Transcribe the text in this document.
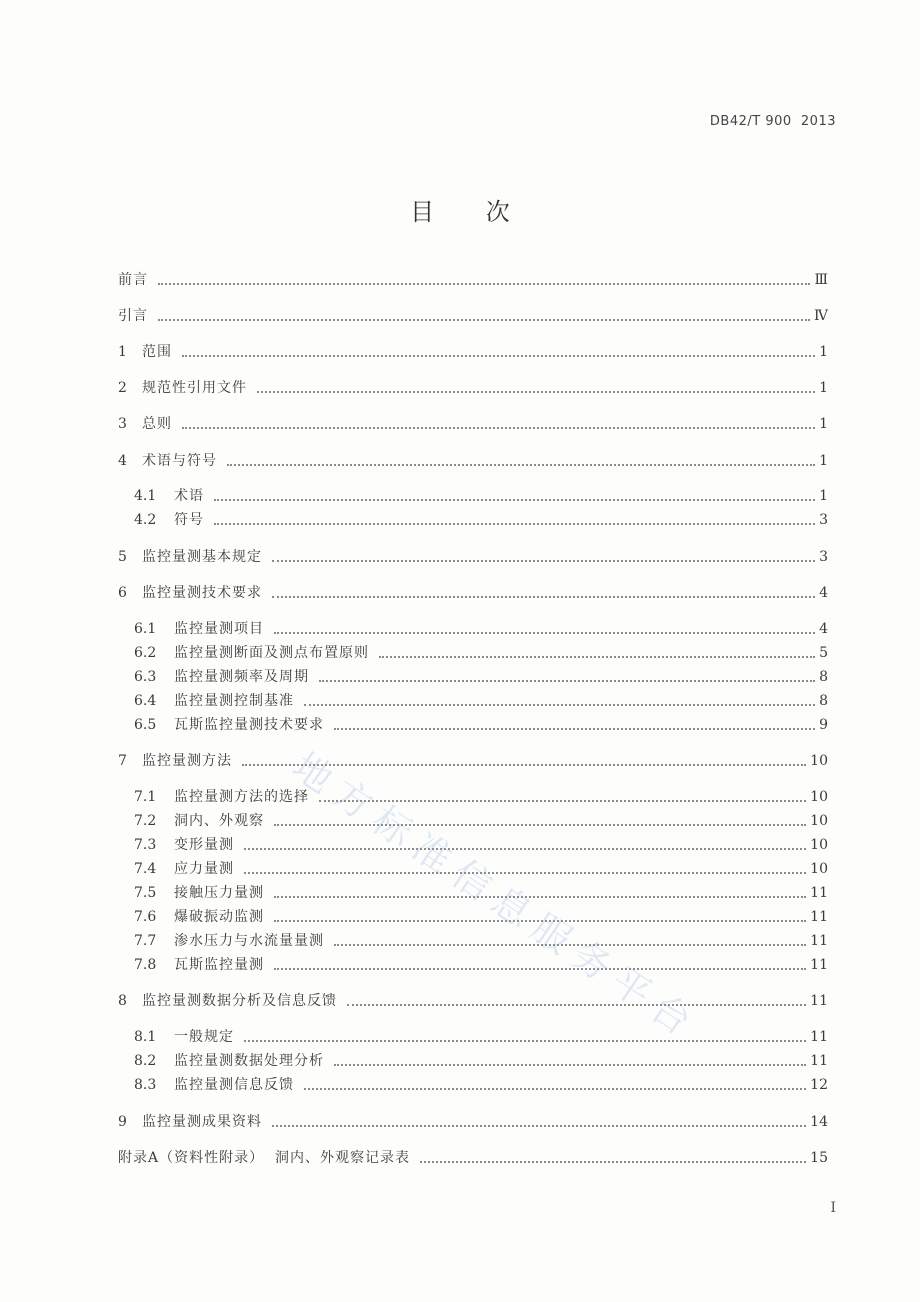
DB42/T 900  2013
目 次
前言	Ⅲ
引言	Ⅳ
1	范围	1
2	规范性引用文件	1
3	总则	1
4	术语与符号	1
4.1	术语	1
4.2	符号	3
5	监控量测基本规定	3
6	监控量测技术要求	4
6.1	监控量测项目	4
6.2	监控量测断面及测点布置原则	5
6.3	监控量测频率及周期	8
6.4	监控量测控制基准	8
6.5	瓦斯监控量测技术要求	9
7	监控量测方法	10
7.1	监控量测方法的选择	10
7.2	洞内、外观察	10
7.3	变形量测	10
7.4	应力量测	10
7.5	接触压力量测	11
7.6	爆破振动监测	11
7.7	渗水压力与水流量量测	11
7.8	瓦斯监控量测	11
8	监控量测数据分析及信息反馈	11
8.1	一般规定	11
8.2	监控量测数据处理分析	11
8.3	监控量测信息反馈	12
9	监控量测成果资料	14
附录A（资料性附录）  洞内、外观察记录表	15
I
地方标准信息服务平台
